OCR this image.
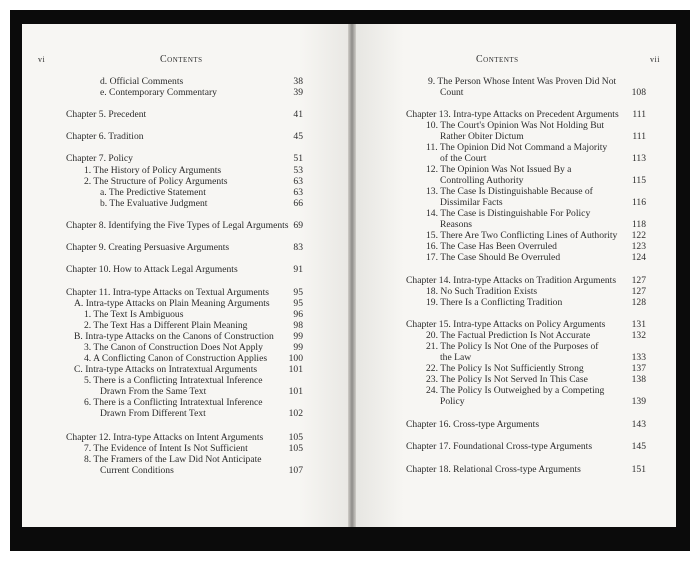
vi	Contents
d. Official Comments	38
e. Contemporary Commentary	39
Chapter 5. Precedent	41
Chapter 6. Tradition	45
Chapter 7. Policy	51
1. The History of Policy Arguments	53
2. The Structure of Policy Arguments	63
a. The Predictive Statement	63
b. The Evaluative Judgment	66
Chapter 8. Identifying the Five Types of Legal Arguments 69
Chapter 9. Creating Persuasive Arguments	83
Chapter 10. How to Attack Legal Arguments	91
Chapter 11. Intra-type Attacks on Textual Arguments	95
A. Intra-type Attacks on Plain Meaning Arguments 95
1. The Text Is Ambiguous	96
2. The Text Has a Different Plain Meaning	98
B. Intra-type Attacks on the Canons of Construction 99
3. The Canon of Construction Does Not Apply	99
4. A Conflicting Canon of Construction Applies 100
C. Intra-type Attacks on Intratextual Arguments	101
5. There is a Conflicting Intratextual Inference
Drawn From the Same Text	101
6. There is a Conflicting Intratextual Inference
Drawn From Different Text	102
Chapter 12. Intra-type Attacks on Intent Arguments	105
7. The Evidence of Intent Is Not Sufficient	105
8. The Framers of the Law Did Not Anticipate
Current Conditions	107
Contents	vii
9. The Person Whose Intent Was Proven Did Not
Count	108
Chapter 13. Intra-type Attacks on Precedent Arguments 111
10. The Court's Opinion Was Not Holding But
Rather Obiter Dictum	111
11. The Opinion Did Not Command a Majority
of the Court	113
12. The Opinion Was Not Issued By a
Controlling Authority	115
13. The Case Is Distinguishable Because of
Dissimilar Facts	116
14. The Case is Distinguishable For Policy
Reasons	118
15. There Are Two Conflicting Lines of Authority 122
16. The Case Has Been Overruled	123
17. The Case Should Be Overruled	124
Chapter 14. Intra-type Attacks on Tradition Arguments 127
18. No Such Tradition Exists	127
19. There Is a Conflicting Tradition	128
Chapter 15. Intra-type Attacks on Policy Arguments	131
20. The Factual Prediction Is Not Accurate	132
21. The Policy Is Not One of the Purposes of
the Law	133
22. The Policy Is Not Sufficiently Strong	137
23. The Policy Is Not Served In This Case	138
24. The Policy Is Outweighed by a Competing
Policy	139
Chapter 16. Cross-type Arguments	143
Chapter 17. Foundational Cross-type Arguments	145
Chapter 18. Relational Cross-type Arguments	151
